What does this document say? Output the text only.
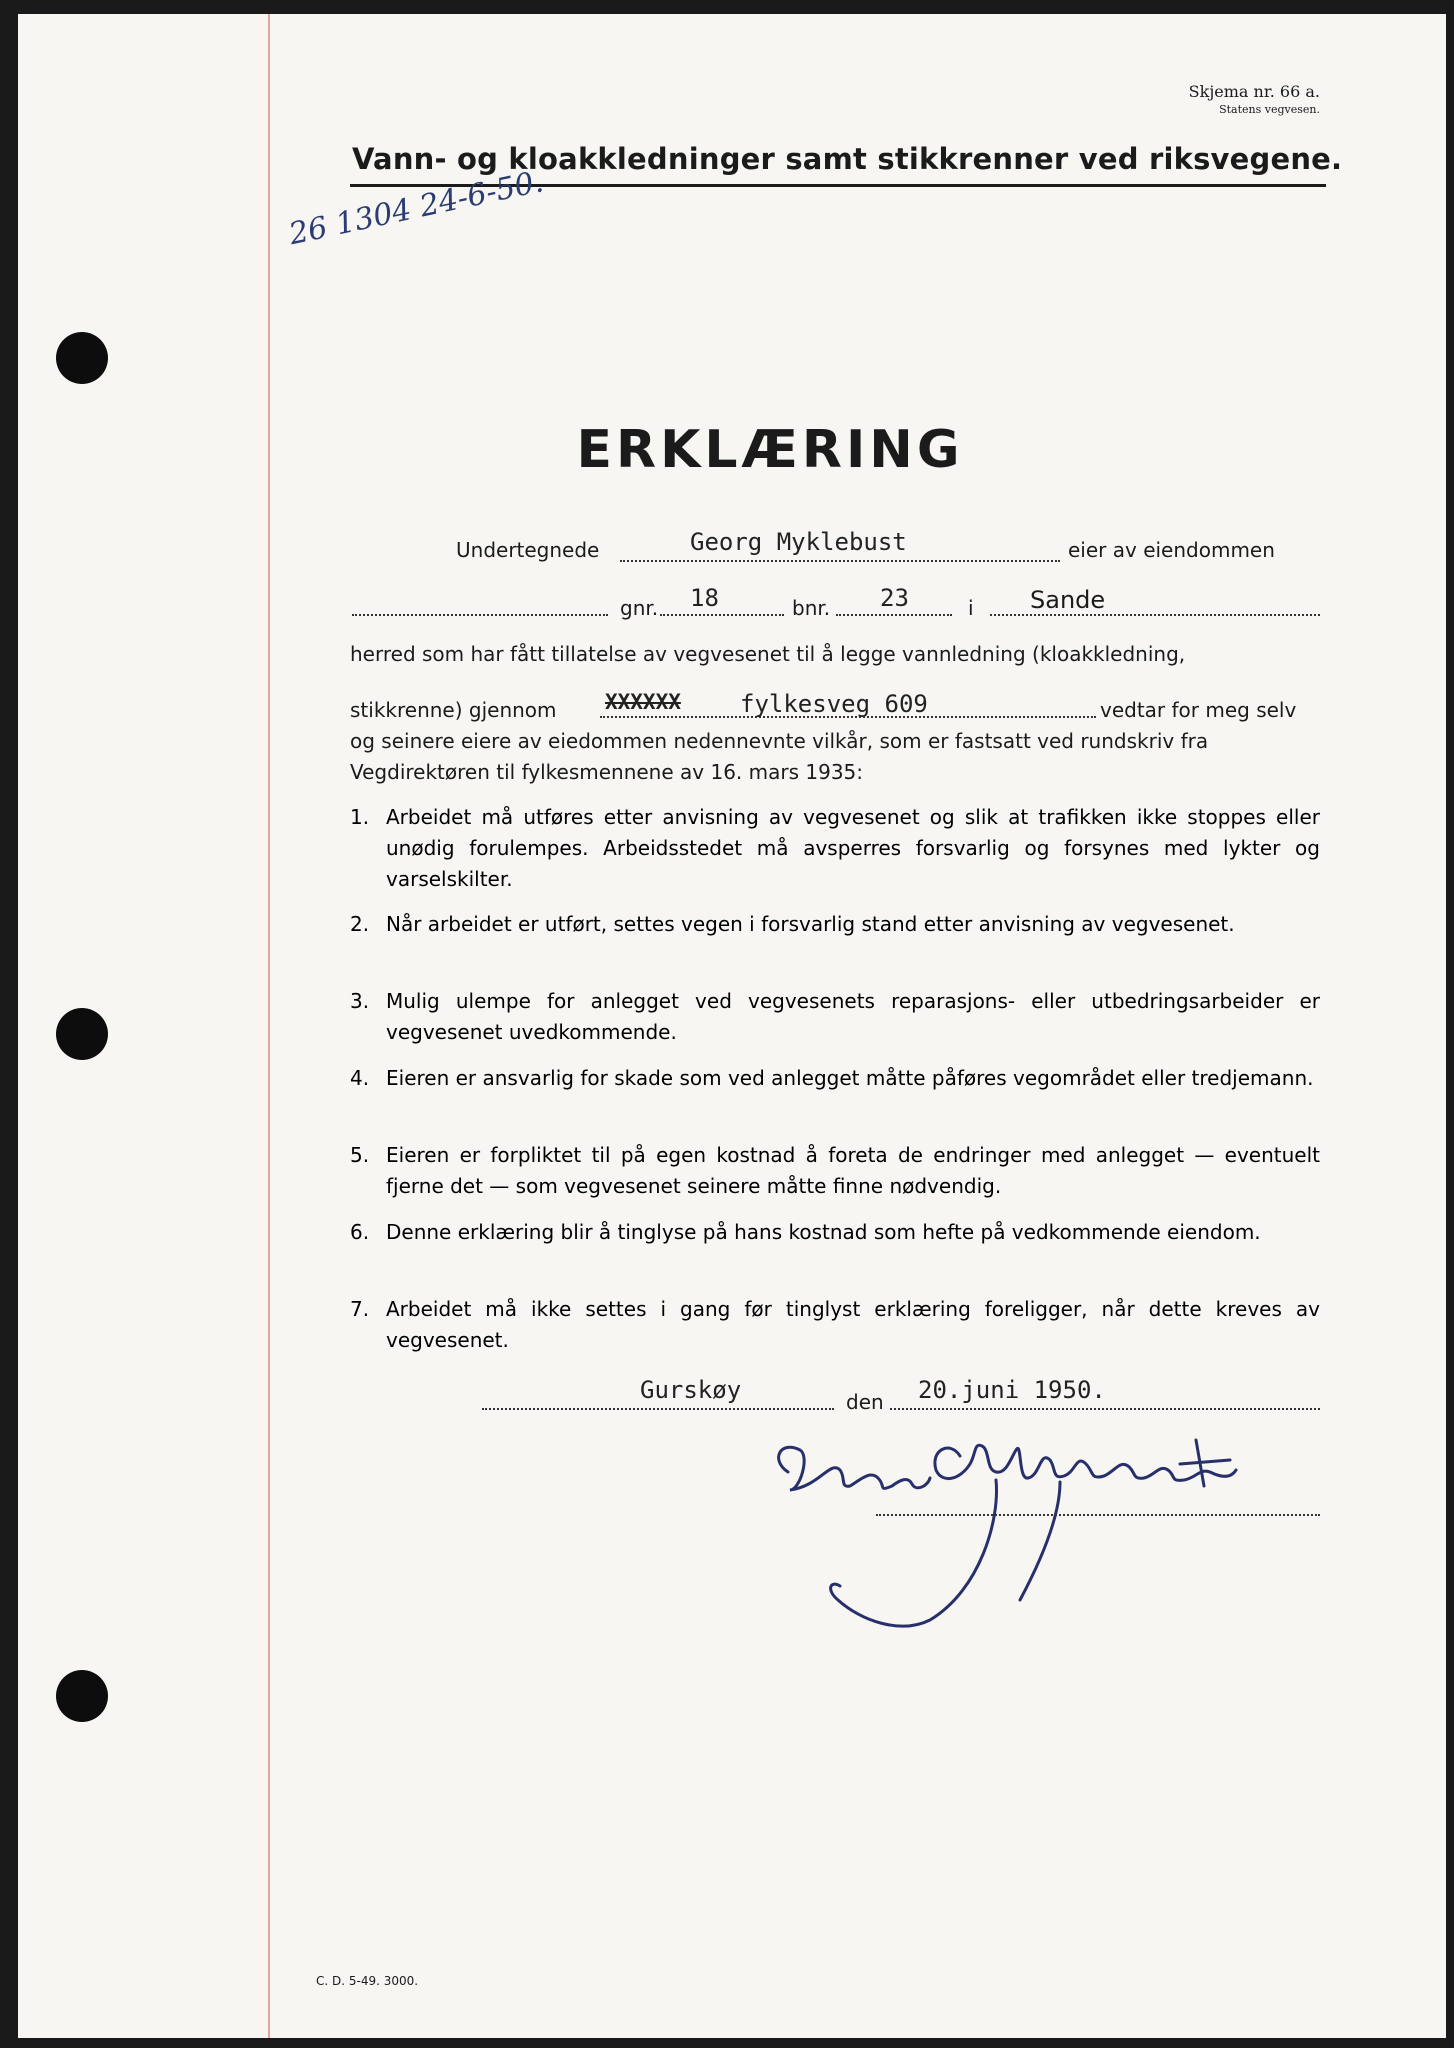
Skjema nr. 66 a.
Statens vegvesen.
Vann- og kloakkledninger samt stikkrenner ved riksvegene.
26 1304 24-6-50.
ERKLÆRING
Undertegnede	Georg Myklebust	eier av eiendommen
gnr. 18	bnr. 23	i Sande
herred som har fått tillatelse av vegvesenet til å legge vannledning (kloakkledning,
stikkrenne) gjennom XXXXXX fylkesveg 609	vedtar for meg selv
og seinere eiere av eiedommen nedennevnte vilkår, som er fastsatt ved rundskriv fra
Vegdirektøren til fylkesmennene av 16. mars 1935:
1. Arbeidet må utføres etter anvisning av vegvesenet og slik at trafikken ikke stoppes eller unødig forulempes. Arbeidsstedet må avsperres forsvarlig og forsynes med lykter og varselskilter.
2. Når arbeidet er utført, settes vegen i forsvarlig stand etter anvisning av vegvesenet.
3. Mulig ulempe for anlegget ved vegvesenets reparasjons- eller utbedringsarbeider er vegvesenet uvedkommende.
4. Eieren er ansvarlig for skade som ved anlegget måtte påføres vegområdet eller tredjemann.
5. Eieren er forpliktet til på egen kostnad å foreta de endringer med anlegget — eventuelt fjerne det — som vegvesenet seinere måtte finne nødvendig.
6. Denne erklæring blir å tinglyse på hans kostnad som hefte på vedkommende eiendom.
7. Arbeidet må ikke settes i gang før tinglyst erklæring foreligger, når dette kreves av vegvesenet.
Gurskøy	den 20.juni 1950.
C. D. 5-49. 3000.
